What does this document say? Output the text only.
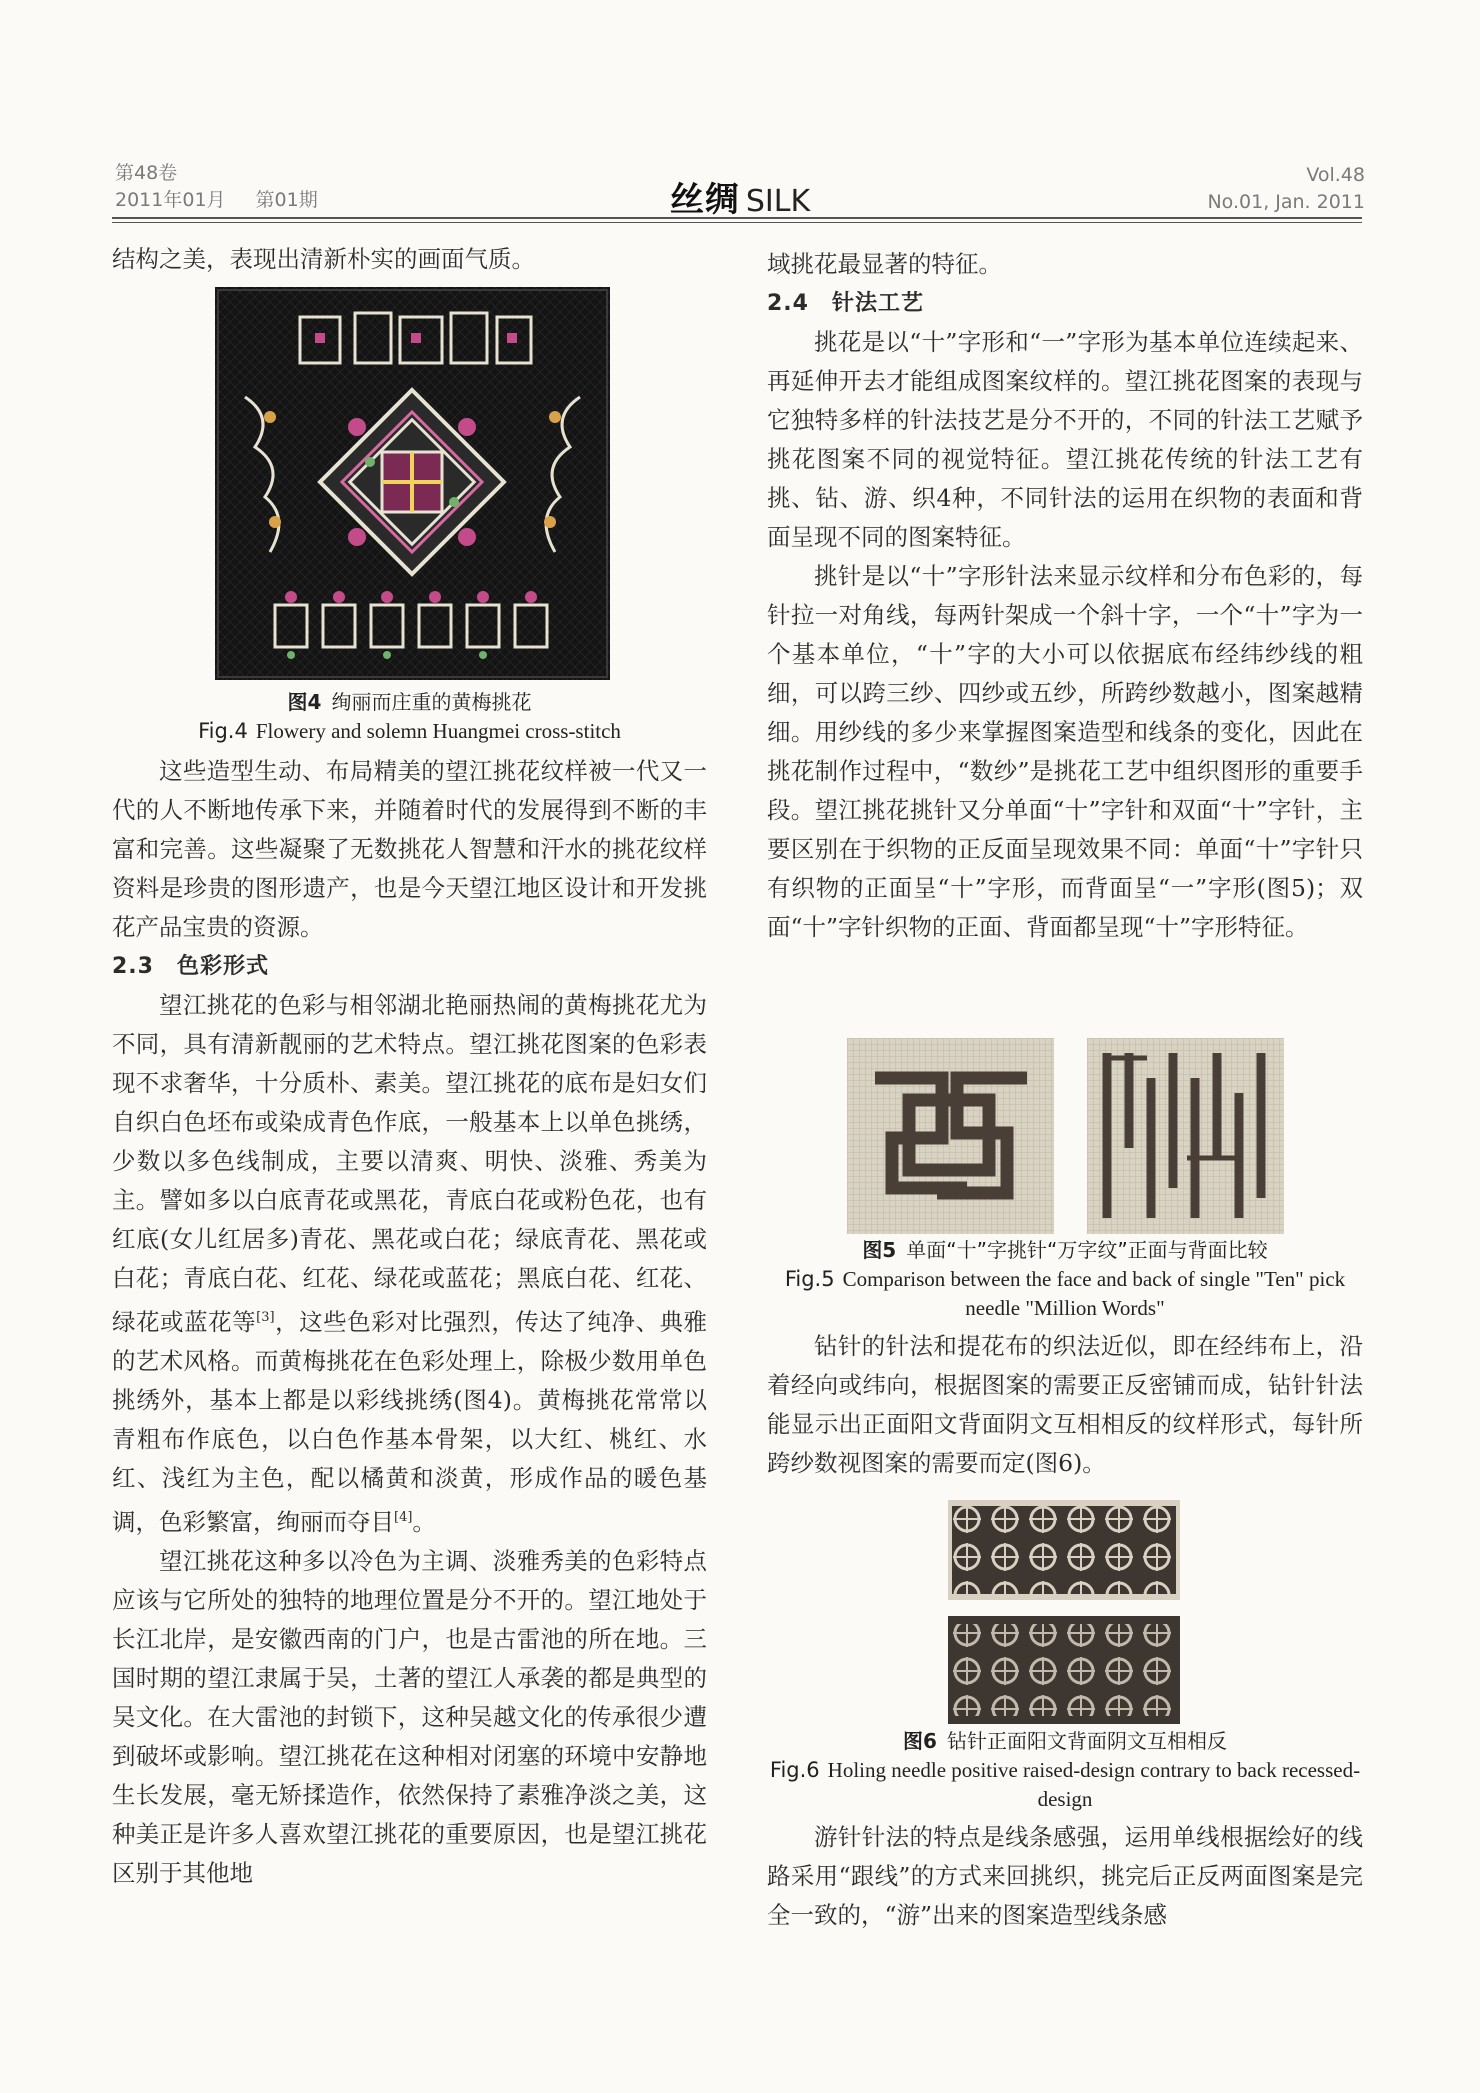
第48卷
2011年01月 第01期	丝绸 SILK
Vol.48
No.01, Jan. 2011

结构之美，表现出清新朴实的画面气质。

图4 绚丽而庄重的黄梅挑花
Fig.4 Flowery and solemn Huangmei cross-stitch

这些造型生动、布局精美的望江挑花纹样被一代又一代的人不断地传承下来，并随着时代的发展得到不断的丰富和完善。这些凝聚了无数挑花人智慧和汗水的挑花纹样资料是珍贵的图形遗产，也是今天望江地区设计和开发挑花产品宝贵的资源。

2.3　色彩形式

望江挑花的色彩与相邻湖北艳丽热闹的黄梅挑花尤为不同，具有清新靓丽的艺术特点。望江挑花图案的色彩表现不求奢华，十分质朴、素美。望江挑花的底布是妇女们自织白色坯布或染成青色作底，一般基本上以单色挑绣，少数以多色线制成，主要以清爽、明快、淡雅、秀美为主。譬如多以白底青花或黑花，青底白花或粉色花，也有红底(女儿红居多)青花、黑花或白花；绿底青花、黑花或白花；青底白花、红花、绿花或蓝花；黑底白花、红花、绿花或蓝花等[3]，这些色彩对比强烈，传达了纯净、典雅的艺术风格。而黄梅挑花在色彩处理上，除极少数用单色挑绣外，基本上都是以彩线挑绣(图4)。黄梅挑花常常以青粗布作底色，以白色作基本骨架，以大红、桃红、水红、浅红为主色，配以橘黄和淡黄，形成作品的暖色基调，色彩繁富，绚丽而夺目[4]。

望江挑花这种多以冷色为主调、淡雅秀美的色彩特点应该与它所处的独特的地理位置是分不开的。望江地处于长江北岸，是安徽西南的门户，也是古雷池的所在地。三国时期的望江隶属于吴，土著的望江人承袭的都是典型的吴文化。在大雷池的封锁下，这种吴越文化的传承很少遭到破坏或影响。望江挑花在这种相对闭塞的环境中安静地生长发展，毫无矫揉造作，依然保持了素雅净淡之美，这种美正是许多人喜欢望江挑花的重要原因，也是望江挑花区别于其他地

域挑花最显著的特征。

2.4　针法工艺

挑花是以“十”字形和“一”字形为基本单位连续起来、再延伸开去才能组成图案纹样的。望江挑花图案的表现与它独特多样的针法技艺是分不开的，不同的针法工艺赋予挑花图案不同的视觉特征。望江挑花传统的针法工艺有挑、钻、游、织4种，不同针法的运用在织物的表面和背面呈现不同的图案特征。

挑针是以“十”字形针法来显示纹样和分布色彩的，每针拉一对角线，每两针架成一个斜十字，一个“十”字为一个基本单位，“十”字的大小可以依据底布经纬纱线的粗细，可以跨三纱、四纱或五纱，所跨纱数越小，图案越精细。用纱线的多少来掌握图案造型和线条的变化，因此在挑花制作过程中，“数纱”是挑花工艺中组织图形的重要手段。望江挑花挑针又分单面“十”字针和双面“十”字针，主要区别在于织物的正反面呈现效果不同：单面“十”字针只有织物的正面呈“十”字形，而背面呈“一”字形(图5)；双面“十”字针织物的正面、背面都呈现“十”字形特征。

图5 单面“十”字挑针“万字纹”正面与背面比较
Fig.5 Comparison between the face and back of single "Ten" pick needle "Million Words"

钻针的针法和提花布的织法近似，即在经纬布上，沿着经向或纬向，根据图案的需要正反密铺而成，钻针针法能显示出正面阳文背面阴文互相相反的纹样形式，每针所跨纱数视图案的需要而定(图6)。

图6 钻针正面阳文背面阴文互相相反
Fig.6 Holing needle positive raised-design contrary to back recessed-design

游针针法的特点是线条感强，运用单线根据绘好的线路采用“跟线”的方式来回挑织，挑完后正反两面图案是完全一致的，“游”出来的图案造型线条感
